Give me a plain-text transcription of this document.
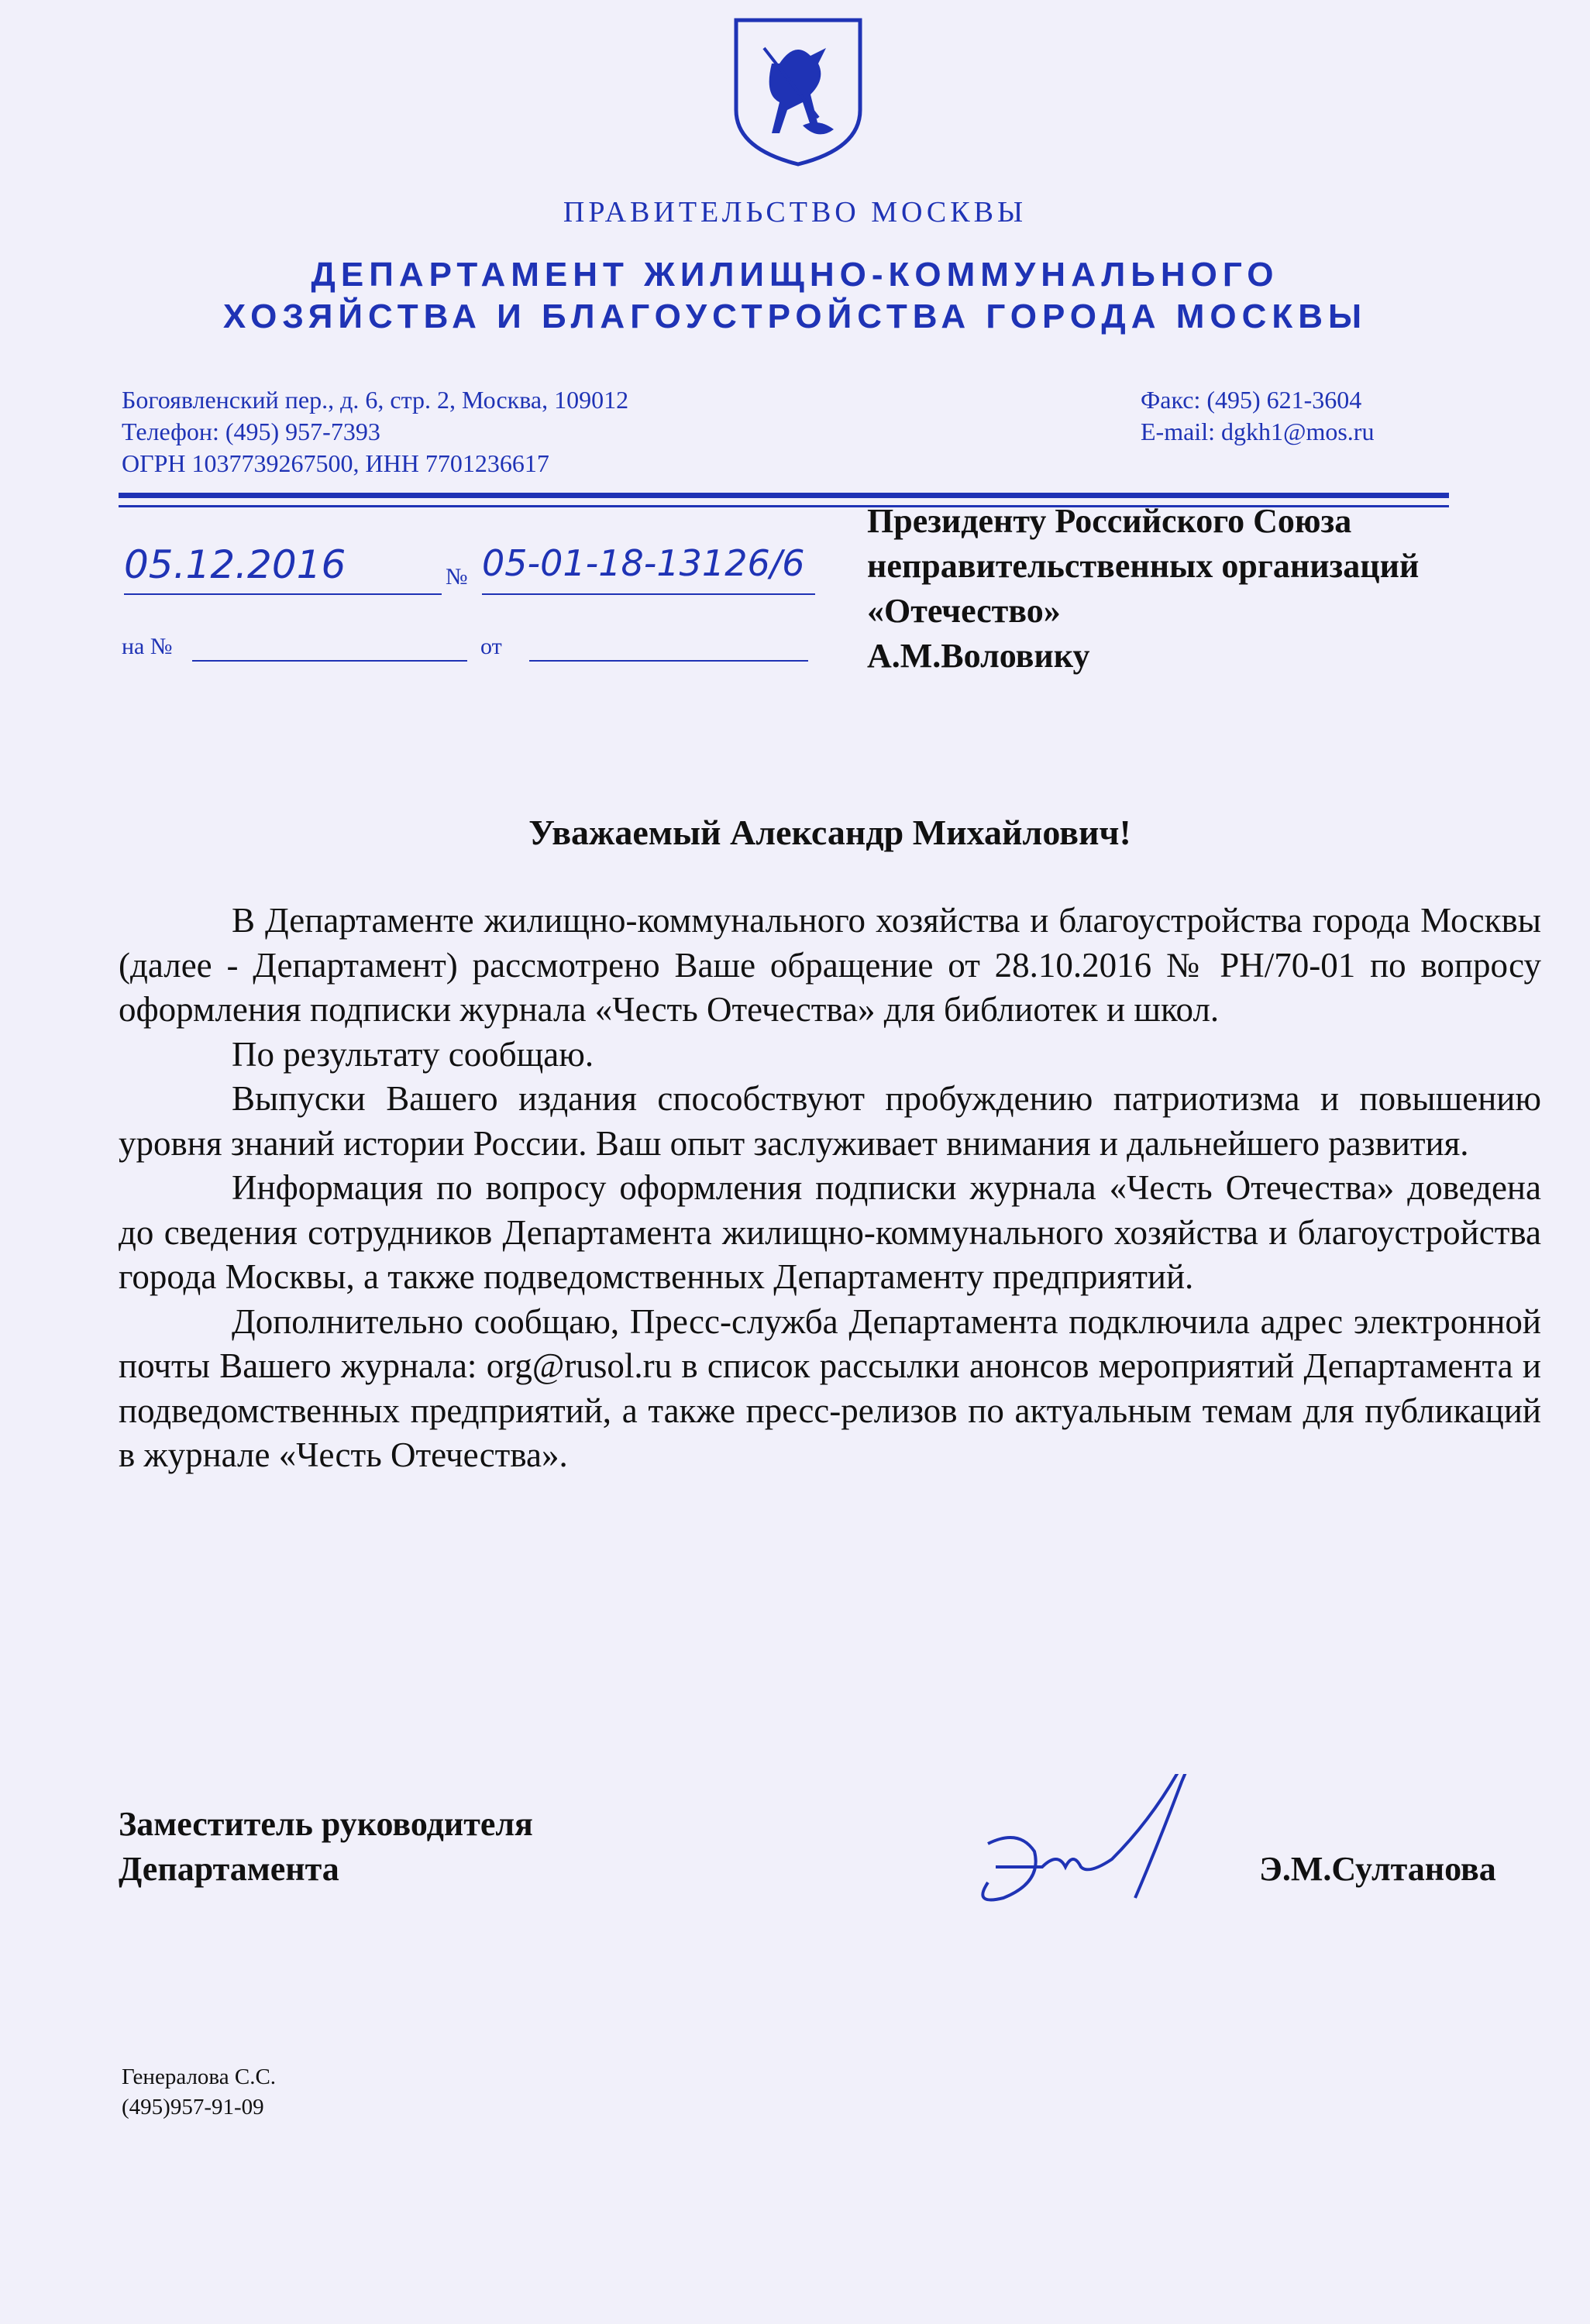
ПРАВИТЕЛЬСТВО МОСКВЫ
ДЕПАРТАМЕНТ ЖИЛИЩНО-КОММУНАЛЬНОГО
ХОЗЯЙСТВА И БЛАГОУСТРОЙСТВА ГОРОДА МОСКВЫ
Богоявленский пер., д. 6, стр. 2, Москва, 109012
Телефон: (495) 957-7393
ОГРН 1037739267500, ИНН 7701236617
Факс: (495) 621-3604
E-mail: dgkh1@mos.ru
05.12.2016	№ 05-01-18-13126/6
на №	от
Президенту Российского Союза
неправительственных организаций
«Отечество»
А.М.Воловику
Уважаемый Александр Михайлович!

В Департаменте жилищно-коммунального хозяйства и благоустройства города Москвы (далее - Департамент) рассмотрено Ваше обращение от 28.10.2016 № РН/70-01 по вопросу оформления подписки журнала «Честь Отечества» для библиотек и школ.

По результату сообщаю.

Выпуски Вашего издания способствуют пробуждению патриотизма и повышению уровня знаний истории России. Ваш опыт заслуживает внимания и дальнейшего развития.

Информация по вопросу оформления подписки журнала «Честь Отечества» доведена до сведения сотрудников Департамента жилищно-коммунального хозяйства и благоустройства города Москвы, а также подведомственных Департаменту предприятий.

Дополнительно сообщаю, Пресс-служба Департамента подключила адрес электронной почты Вашего журнала: org@rusol.ru в список рассылки анонсов мероприятий Департамента и подведомственных предприятий, а также пресс-релизов по актуальным темам для публикаций в журнале «Честь Отечества».

Заместитель руководителя
Департамента	Э.М.Султанова
Генералова С.С.
(495)957-91-09
